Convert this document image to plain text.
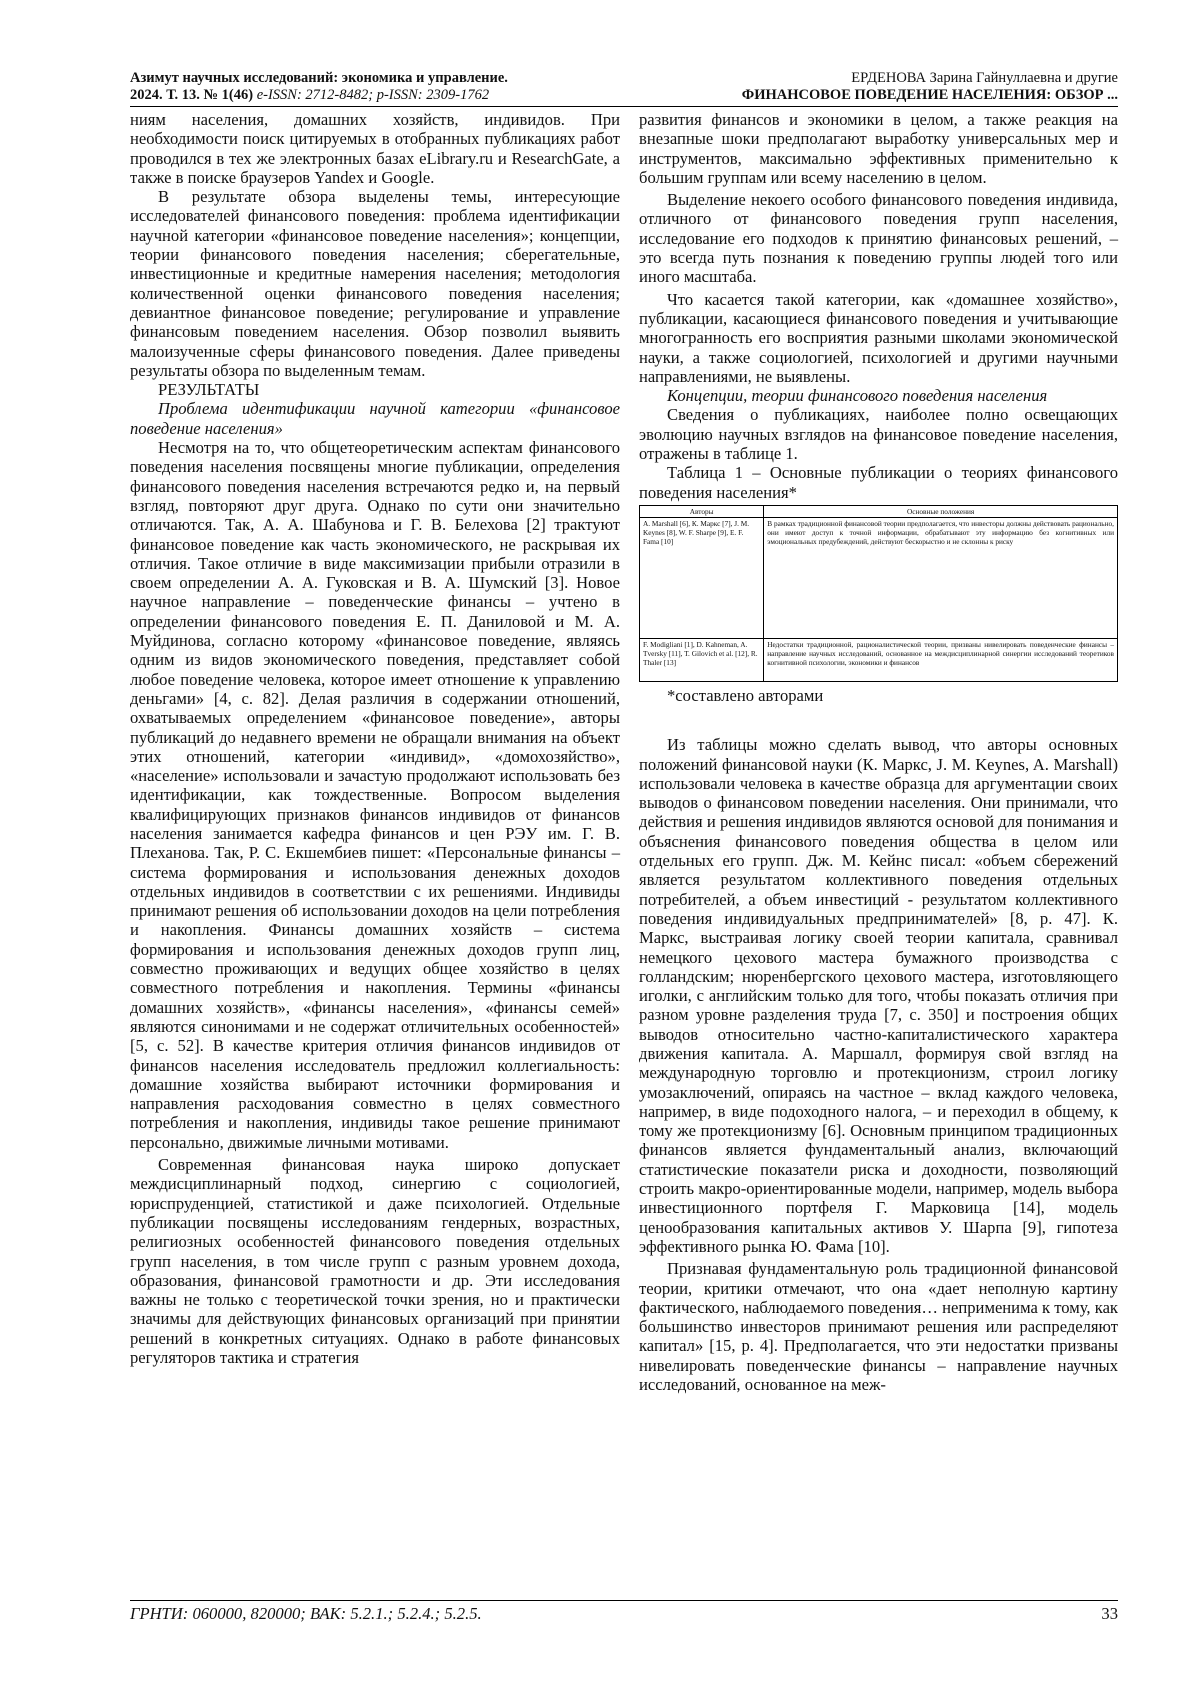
Азимут научных исследований: экономика и управление.
2024. Т. 13. № 1(46) e-ISSN: 2712-8482; p-ISSN: 2309-1762
ЕРДЕНОВА Зарина Гайнуллаевна и другие
ФИНАНСОВОЕ ПОВЕДЕНИЕ НАСЕЛЕНИЯ: ОБЗОР ...

ниям населения, домашних хозяйств, индивидов. При необходимости поиск цитируемых в отобранных публикациях работ проводился в тех же электронных базах eLibrary.ru и ResearchGate, а также в поиске браузеров Yandex и Google.

В результате обзора выделены темы, интересующие исследователей финансового поведения: проблема идентификации научной категории «финансовое поведение населения»; концепции, теории финансового поведения населения; сберегательные, инвестиционные и кредитные намерения населения; методология количественной оценки финансового поведения населения; девиантное финансовое поведение; регулирование и управление финансовым поведением населения. Обзор позволил выявить малоизученные сферы финансового поведения. Далее приведены результаты обзора по выделенным темам.

РЕЗУЛЬТАТЫ

Проблема идентификации научной категории «финансовое поведение населения»

Несмотря на то, что общетеоретическим аспектам финансового поведения населения посвящены многие публикации, определения финансового поведения населения встречаются редко и, на первый взгляд, повторяют друг друга. Однако по сути они значительно отличаются. Так, А. А. Шабунова и Г. В. Белехова [2] трактуют финансовое поведение как часть экономического, не раскрывая их отличия. Такое отличие в виде максимизации прибыли отразили в своем определении А. А. Гуковская и В. А. Шумский [3]. Новое научное направление – поведенческие финансы – учтено в определении финансового поведения Е. П. Даниловой и М. А. Муйдинова, согласно которому «финансовое поведение, являясь одним из видов экономического поведения, представляет собой любое поведение человека, которое имеет отношение к управлению деньгами» [4, с. 82]. Делая различия в содержании отношений, охватываемых определением «финансовое поведение», авторы публикаций до недавнего времени не обращали внимания на объект этих отношений, категории «индивид», «домохозяйство», «население» использовали и зачастую продолжают использовать без идентификации, как тождественные. Вопросом выделения квалифицирующих признаков финансов индивидов от финансов населения занимается кафедра финансов и цен РЭУ им. Г. В. Плеханова. Так, Р. С. Екшембиев пишет: «Персональные финансы – система формирования и использования денежных доходов отдельных индивидов в соответствии с их решениями. Индивиды принимают решения об использовании доходов на цели потребления и накопления. Финансы домашних хозяйств – система формирования и использования денежных доходов групп лиц, совместно проживающих и ведущих общее хозяйство в целях совместного потребления и накопления. Термины «финансы домашних хозяйств», «финансы населения», «финансы семей» являются синонимами и не содержат отличительных особенностей» [5, с. 52]. В качестве критерия отличия финансов индивидов от финансов населения исследователь предложил коллегиальность: домашние хозяйства выбирают источники формирования и направления расходования совместно в целях совместного потребления и накопления, индивиды такое решение принимают персонально, движимые личными мотивами.

Современная финансовая наука широко допускает междисциплинарный подход, синергию с социологией, юриспруденцией, статистикой и даже психологией. Отдельные публикации посвящены исследованиям гендерных, возрастных, религиозных особенностей финансового поведения отдельных групп населения, в том числе групп с разным уровнем дохода, образования, финансовой грамотности и др. Эти исследования важны не только с теоретической точки зрения, но и практически значимы для действующих финансовых организаций при принятии решений в конкретных ситуациях. Однако в работе финансовых регуляторов тактика и стратегия

развития финансов и экономики в целом, а также реакция на внезапные шоки предполагают выработку универсальных мер и инструментов, максимально эффективных применительно к большим группам или всему населению в целом.

Выделение некоего особого финансового поведения индивида, отличного от финансового поведения групп населения, исследование его подходов к принятию финансовых решений, – это всегда путь познания к поведению группы людей того или иного масштаба.

Что касается такой категории, как «домашнее хозяйство», публикации, касающиеся финансового поведения и учитывающие многогранность его восприятия разными школами экономической науки, а также социологией, психологией и другими научными направлениями, не выявлены.

Концепции, теории финансового поведения населения

Сведения о публикациях, наиболее полно освещающих эволюцию научных взглядов на финансовое поведение населения, отражены в таблице 1.

Таблица 1 – Основные публикации о теориях финансового поведения населения*

Авторы	Основные положения
A. Marshall [6], К. Маркс [7], J. M. Keynes [8], W. F. Sharpe [9], E. F. Fama [10]	В рамках традиционной финансовой теории предполагается, что инвесторы должны действовать рационально, они имеют доступ к точной информации, обрабатывают эту информацию без когнитивных или эмоциональных предубеждений, действуют бескорыстно и не склонны к риску
F. Modigliani [1], D. Kahneman, A. Tversky [11], T. Gilovich et al. [12], R. Thaler [13]	Недостатки традиционной, рационалистической теории, призваны нивелировать поведенческие финансы – направление научных исследований, основанное на междисциплинарной синергии исследований теоретиков когнитивной психологии, экономики и финансов

*составлено авторами

Из таблицы можно сделать вывод, что авторы основных положений финансовой науки (К. Маркс, J. M. Keynes, A. Marshall) использовали человека в качестве образца для аргументации своих выводов о финансовом поведении населения. Они принимали, что действия и решения индивидов являются основой для понимания и объяснения финансового поведения общества в целом или отдельных его групп. Дж. М. Кейнс писал: «объем сбережений является результатом коллективного поведения отдельных потребителей, а объем инвестиций - результатом коллективного поведения индивидуальных предпринимателей» [8, p. 47]. К. Маркс, выстраивая логику своей теории капитала, сравнивал немецкого цехового мастера бумажного производства с голландским; нюренбергского цехового мастера, изготовляющего иголки, с английским только для того, чтобы показать отличия при разном уровне разделения труда [7, с. 350] и построения общих выводов относительно частно-капиталистического характера движения капитала. А. Маршалл, формируя свой взгляд на международную торговлю и протекционизм, строил логику умозаключений, опираясь на частное – вклад каждого человека, например, в виде подоходного налога, – и переходил в общему, к тому же протекционизму [6]. Основным принципом традиционных финансов является фундаментальный анализ, включающий статистические показатели риска и доходности, позволяющий строить макро-ориентированные модели, например, модель выбора инвестиционного портфеля Г. Марковица [14], модель ценообразования капитальных активов У. Шарпа [9], гипотеза эффективного рынка Ю. Фама [10].

Признавая фундаментальную роль традиционной финансовой теории, критики отмечают, что она «дает неполную картину фактического, наблюдаемого поведения… неприменима к тому, как большинство инвесторов принимают решения или распределяют капитал» [15, p. 4]. Предполагается, что эти недостатки призваны нивелировать поведенческие финансы – направление научных исследований, основанное на меж-

ГРНТИ: 060000, 820000; ВАК: 5.2.1.; 5.2.4.; 5.2.5.	33
